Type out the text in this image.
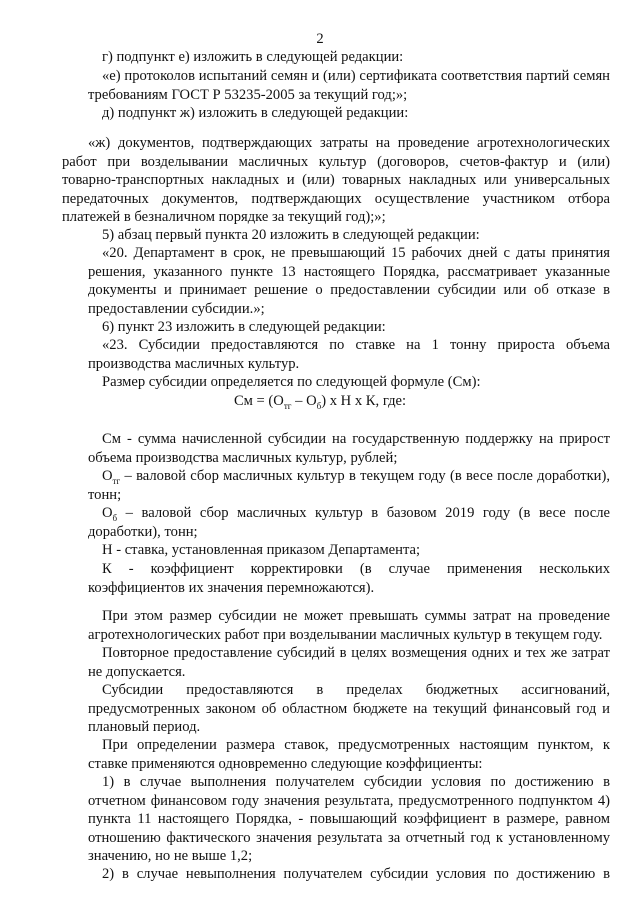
2

г) подпункт е) изложить в следующей редакции:

«е) протоколов испытаний семян и (или) сертификата соответствия партий семян требованиям ГОСТ Р 53235-2005 за текущий год;»;

д) подпункт ж) изложить в следующей редакции:

«ж) документов, подтверждающих затраты на проведение агротехнологических работ при возделывании масличных культур (договоров, счетов-фактур и (или) товарно-транспортных накладных и (или) товарных накладных или универсальных передаточных документов, подтверждающих осуществление участником отбора платежей в безналичном порядке за текущий год);»;

5) абзац первый пункта 20 изложить в следующей редакции:

«20. Департамент в срок, не превышающий 15 рабочих дней с даты принятия решения, указанного пункте 13 настоящего Порядка, рассматривает указанные документы и принимает решение о предоставлении субсидии или об отказе в предоставлении субсидии.»;

6) пункт 23 изложить в следующей редакции:

«23. Субсидии предоставляются по ставке на 1 тонну прироста объема производства масличных культур.

Размер субсидии определяется по следующей формуле (См):

См = $(О_{тг} - О_б)$ х Н х К, где:

См - сумма начисленной субсидии на государственную поддержку на прирост объема производства масличных культур, рублей;

$О_{тг}$ – валовой сбор масличных культур в текущем году (в весе после доработки), тонн;

$О_б$ – валовой сбор масличных культур в базовом 2019 году (в весе после доработки), тонн;

Н - ставка, установленная приказом Департамента;

К - коэффициент корректировки (в случае применения нескольких коэффициентов их значения перемножаются).

При этом размер субсидии не может превышать суммы затрат на проведение агротехнологических работ при возделывании масличных культур в текущем году.

Повторное предоставление субсидий в целях возмещения одних и тех же затрат не допускается.

Субсидии предоставляются в пределах бюджетных ассигнований, предусмотренных законом об областном бюджете на текущий финансовый год и плановый период.

При определении размера ставок, предусмотренных настоящим пунктом, к ставке применяются одновременно следующие коэффициенты:

1) в случае выполнения получателем субсидии условия по достижению в отчетном финансовом году значения результата, предусмотренного подпунктом 4) пункта 11 настоящего Порядка, - повышающий коэффициент в размере, равном отношению фактического значения результата за отчетный год к установленному значению, но не выше 1,2;

2) в случае невыполнения получателем субсидии условия по достижению в
